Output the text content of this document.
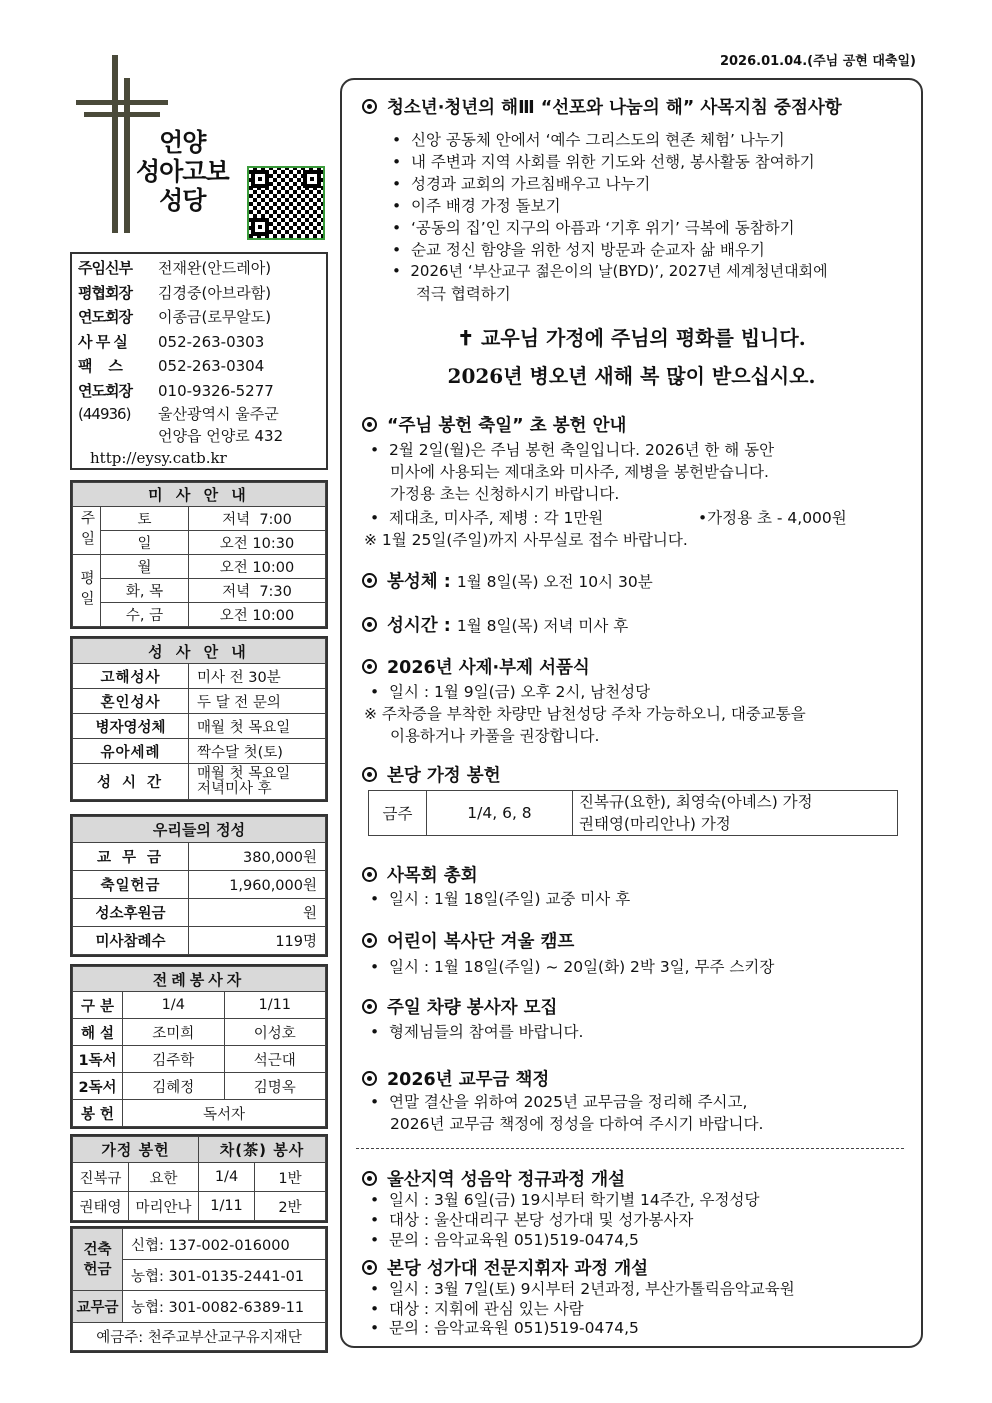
2026.01.04.(주님 공현 대축일)
언양
성아고보
성당
주임신부	전재완(안드레아)
평협회장	김경중(아브라함)
연도회장	이종금(로무알도)
사 무 실	052-263-0303
팩    스	052-263-0304
연도회장	010-9326-5277
(44936)	울산광역시 울주군
언양읍 언양로 432
http://eysy.catb.kr
미 사 안 내		
주일	토	저녁  7:00
	일	오전 10:30
평일	월	오전 10:00
	화, 목	저녁  7:30
	수, 금	오전 10:00
성 사 안 내	
고해성사	미사 전 30분
혼인성사	두 달 전 문의
병자영성체	매월 첫 목요일
유아세례	짝수달 첫(토)
성 시 간	매월 첫 목요일
저녁미사 후
우리들의 정성	
교 무 금	380,000원
축일헌금	1,960,000원
성소후원금	원
미사참례수	119명
전례봉사자		
구 분	1/4	1/11
해 설	조미희	이성호
1독서	김주학	석근대
2독서	김혜정	김명옥
봉 헌	독서자	
가정 봉헌		차(茶) 봉사	
진복규	요한	1/4	1반
권태영	마리안나	1/11	2반
건축헌금	신협: 137-002-016000
	농협: 301-0135-2441-01
교무금	농협: 301-0082-6389-11
예금주: 천주교부산교구유지재단	
청소년·청년의 해Ⅲ “선포와 나눔의 해” 사목지침 중점사항
•  신앙 공동체 안에서 ‘예수 그리스도의 현존 체험’ 나누기
•  내 주변과 지역 사회를 위한 기도와 선행, 봉사활동 참여하기
•  성경과 교회의 가르침배우고 나누기
•  이주 배경 가정 돌보기
•  ‘공동의 집’인 지구의 아픔과 ‘기후 위기’ 극복에 동참하기
•  순교 정신 함양을 위한 성지 방문과 순교자 삶 배우기
•  2026년 ‘부산교구 젊은이의 날(BYD)’, 2027년 세계청년대회에
적극 협력하기
✝ 교우님 가정에 주님의 평화를 빕니다.
2026년 병오년 새해 복 많이 받으십시오.
“주님 봉헌 축일” 초 봉헌 안내
•  2월 2일(월)은 주님 봉헌 축일입니다. 2026년 한 해 동안
미사에 사용되는 제대초와 미사주, 제병을 봉헌받습니다.
가정용 초는 신청하시기 바랍니다.
•  제대초, 미사주, 제병 : 각 1만원	•가정용 초 - 4,000원
※ 1월 25일(주일)까지 사무실로 접수 바랍니다.
봉성체 : 1월 8일(목) 오전 10시 30분
성시간 : 1월 8일(목) 저녁 미사 후
2026년 사제·부제 서품식
•  일시 : 1월 9일(금) 오후 2시, 남천성당
※ 주차증을 부착한 차량만 남천성당 주차 가능하오니, 대중교통을
이용하거나 카풀을 권장합니다.
본당 가정 봉헌
금주	1/4, 6, 8	
진복규(요한), 최영숙(아녜스) 가정
권태영(마리안나) 가정
사목회 총회
•  일시 : 1월 18일(주일) 교중 미사 후
어린이 복사단 겨울 캠프
•  일시 : 1월 18일(주일) ~ 20일(화) 2박 3일, 무주 스키장
주일 차량 봉사자 모집
•  형제님들의 참여를 바랍니다.
2026년 교무금 책정
•  연말 결산을 위하여 2025년 교무금을 정리해 주시고,
2026년 교무금 책정에 정성을 다하여 주시기 바랍니다.
울산지역 성음악 정규과정 개설
•  일시 : 3월 6일(금) 19시부터 학기별 14주간, 우정성당
•  대상 : 울산대리구 본당 성가대 및 성가봉사자
•  문의 : 음악교육원 051)519-0474,5
본당 성가대 전문지휘자 과정 개설
•  일시 : 3월 7일(토) 9시부터 2년과정, 부산가톨릭음악교육원
•  대상 : 지휘에 관심 있는 사람
•  문의 : 음악교육원 051)519-0474,5
